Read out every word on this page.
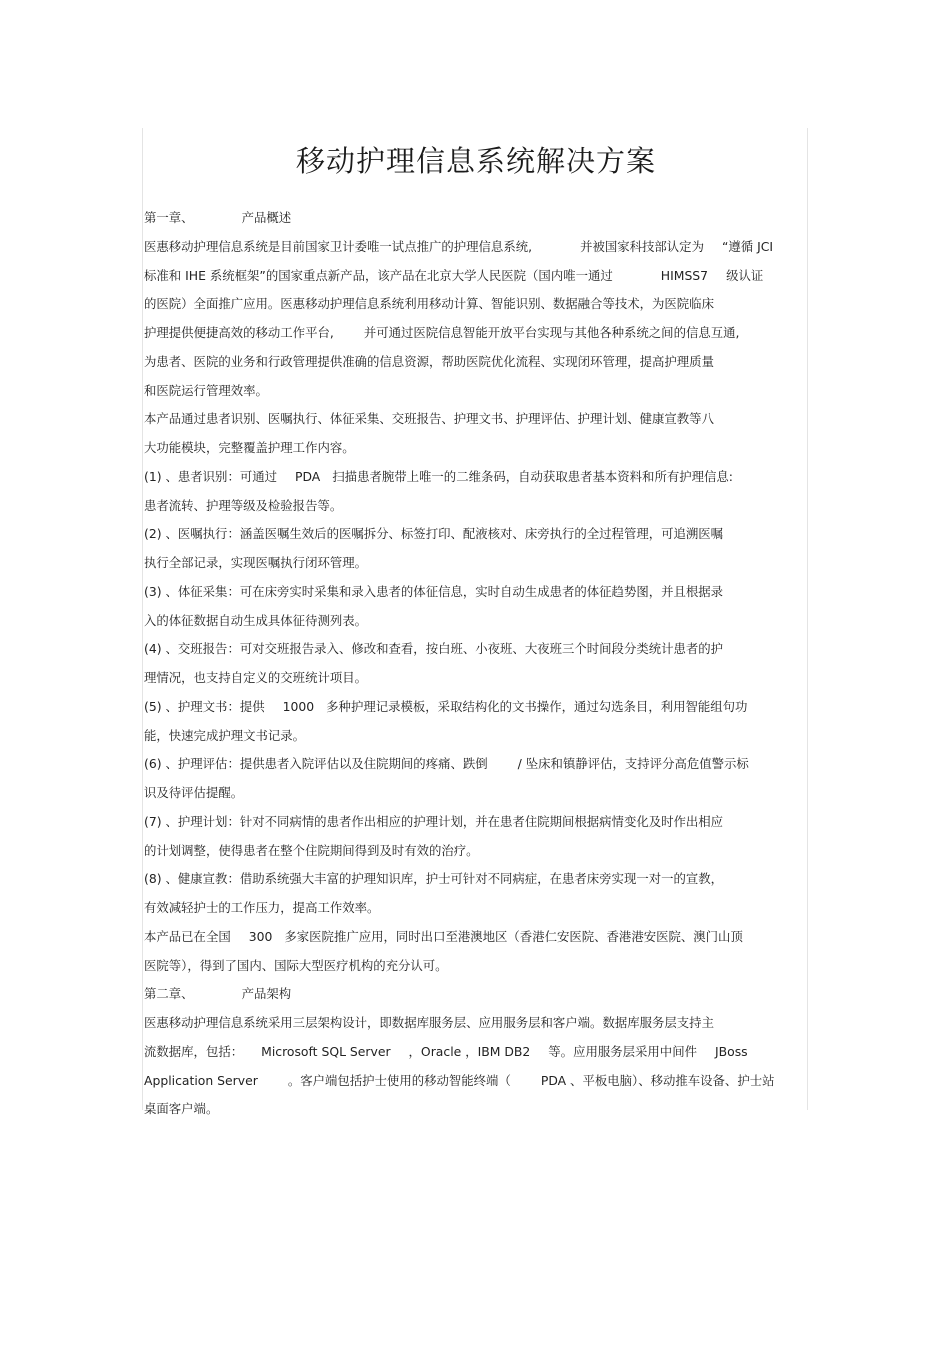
移动护理信息系统解决方案
第一章、	产品概述
医惠移动护理信息系统是目前国家卫计委唯一试点推广的护理信息系统,	并被国家科技部认定为 “遵循 JCI
标准和 IHE 系统框架”的国家重点新产品，该产品在北京大学人民医院（国内唯一通过	HIMSS7 级认证
的医院）全面推广应用。医惠移动护理信息系统利用移动计算、智能识别、数据融合等技术，为医院临床
护理提供便捷高效的移动工作平台, 并可通过医院信息智能开放平台实现与其他各种系统之间的信息互通,
为患者、医院的业务和行政管理提供准确的信息资源，帮助医院优化流程、实现闭环管理，提高护理质量
和医院运行管理效率。
本产品通过患者识别、医嘱执行、体征采集、交班报告、护理文书、护理评估、护理计划、健康宣教等八
大功能模块，完整覆盖护理工作内容。
(1) 、患者识别：可通过 PDA 扫描患者腕带上唯一的二维条码，自动获取患者基本资料和所有护理信息:
患者流转、护理等级及检验报告等。
(2) 、医嘱执行：涵盖医嘱生效后的医嘱拆分、标签打印、配液核对、床旁执行的全过程管理，可追溯医嘱
执行全部记录，实现医嘱执行闭环管理。
(3) 、体征采集：可在床旁实时采集和录入患者的体征信息，实时自动生成患者的体征趋势图，并且根据录
入的体征数据自动生成具体征待测列表。
(4) 、交班报告：可对交班报告录入、修改和查看，按白班、小夜班、大夜班三个时间段分类统计患者的护
理情况，也支持自定义的交班统计项目。
(5) 、护理文书：提供 1000 多种护理记录模板，采取结构化的文书操作，通过勾选条目，利用智能组句功
能，快速完成护理文书记录。
(6) 、护理评估：提供患者入院评估以及住院期间的疼痛、跌倒 / 坠床和镇静评估，支持评分高危值警示标
识及待评估提醒。
(7) 、护理计划：针对不同病情的患者作出相应的护理计划，并在患者住院期间根据病情变化及时作出相应
的计划调整，使得患者在整个住院期间得到及时有效的治疗。
(8) 、健康宣教：借助系统强大丰富的护理知识库，护士可针对不同病症，在患者床旁实现一对一的宣教，
有效减轻护士的工作压力，提高工作效率。
本产品已在全国 300 多家医院推广应用，同时出口至港澳地区（香港仁安医院、香港港安医院、澳门山顶
医院等），得到了国内、国际大型医疗机构的充分认可。
第二章、	产品架构
医惠移动护理信息系统采用三层架构设计，即数据库服务层、应用服务层和客户端。数据库服务层支持主
流数据库，包括： Microsoft SQL Server ，Oracle ，IBM DB2 等。应用服务层采用中间件 JBoss
Application Server 。客户端包括护士使用的移动智能终端（ PDA 、平板电脑）、移动推车设备、护士站
桌面客户端。
